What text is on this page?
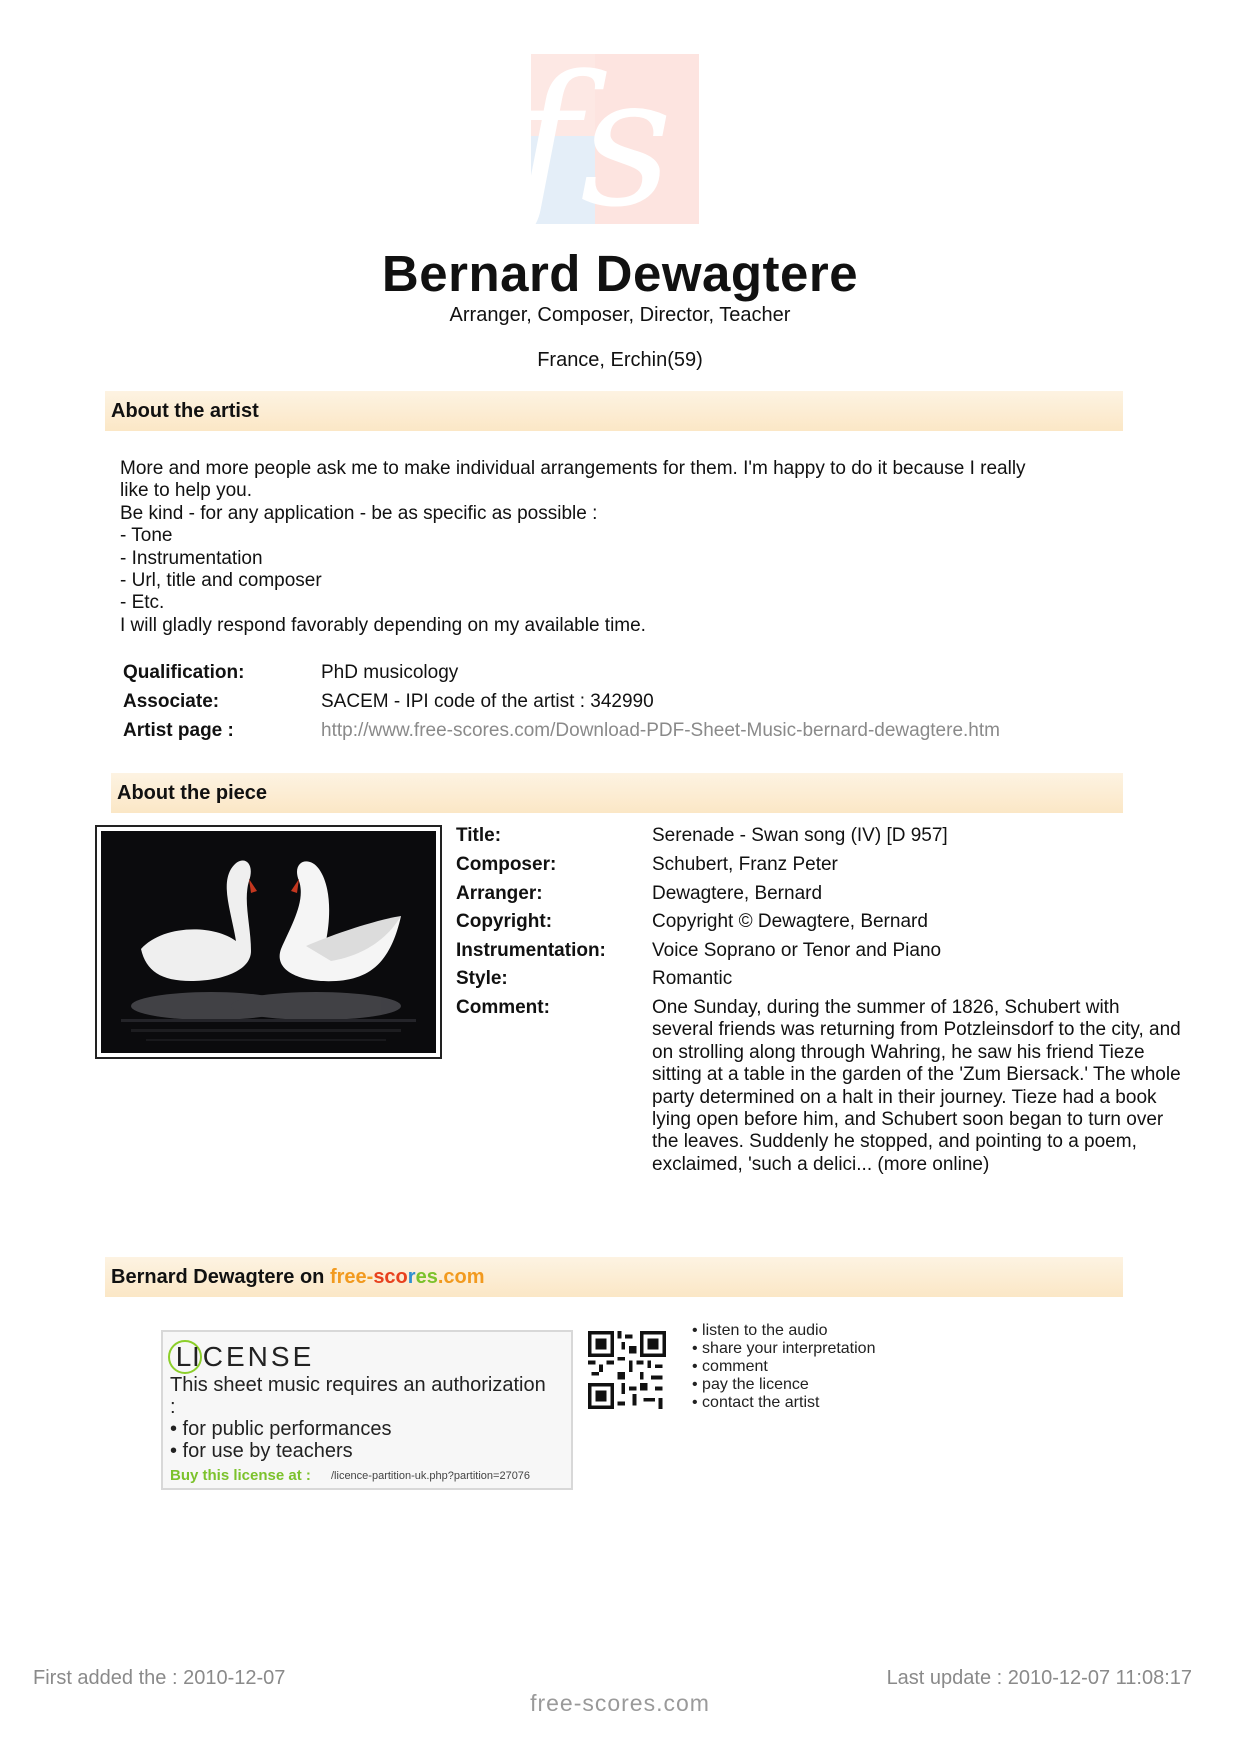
fs
Bernard Dewagtere
Arranger, Composer, Director, Teacher
France, Erchin(59)
About the artist
More and more people ask me to make individual arrangements for them. I'm happy to do it because I really
like to help you.
Be kind - for any application - be as specific as possible :
- Tone
- Instrumentation
- Url, title and composer
- Etc.
I will gladly respond favorably depending on my available time.
Qualification:	PhD musicology
Associate:	SACEM - IPI code of the artist : 342990
Artist page :	http://www.free-scores.com/Download-PDF-Sheet-Music-bernard-dewagtere.htm
About the piece
Title:	Serenade - Swan song (IV) [D 957]
Composer:	Schubert, Franz Peter
Arranger:	Dewagtere, Bernard
Copyright:	Copyright © Dewagtere, Bernard
Instrumentation: Voice Soprano or Tenor and Piano
Style:	Romantic
Comment:	One Sunday, during the summer of 1826, Schubert with
several friends was returning from Potzleinsdorf to the city, and
on strolling along through Wahring, he saw his friend Tieze
sitting at a table in the garden of the 'Zum Biersack.' The whole
party determined on a halt in their journey. Tieze had a book
lying open before him, and Schubert soon began to turn over
the leaves. Suddenly he stopped, and pointing to a poem,
exclaimed, 'such a delici... (more online)
Bernard Dewagtere on free-scores.com
LICENSE
This sheet music requires an authorization
:
• for public performances
• for use by teachers
Buy this license at : /licence-partition-uk.php?partition=27076
• listen to the audio
• share your interpretation
• comment
• pay the licence
• contact the artist
First added the : 2010-12-07	Last update : 2010-12-07 11:08:17
free-scores.com
